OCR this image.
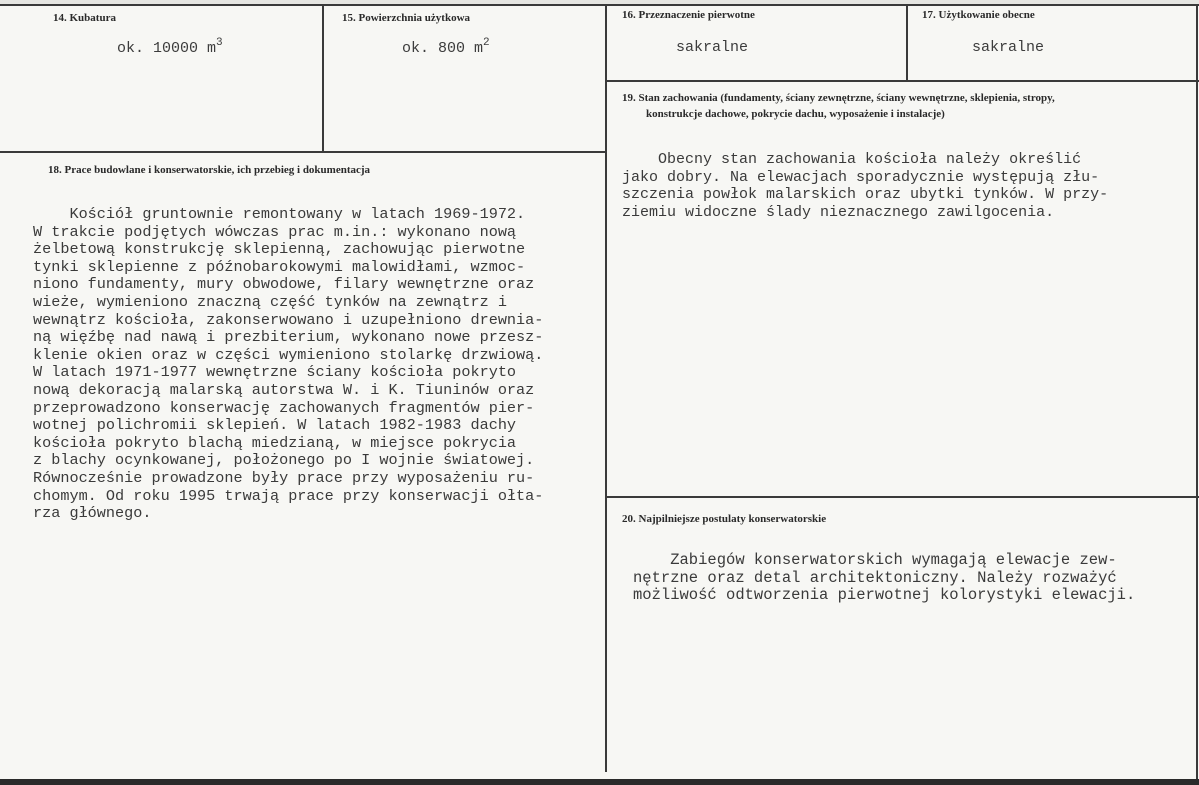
14. Kubatura
ok. 10000 $m^3$
15. Powierzchnia użytkowa
ok. 800 $m^2$
16. Przeznaczenie pierwotne
sakralne
17. Użytkowanie obecne
sakralne
19. Stan zachowania (fundamenty, ściany zewnętrzne, ściany wewnętrzne, sklepienia, stropy,
konstrukcje dachowe, pokrycie dachu, wyposażenie i instalacje)
Obecny stan zachowania kościoła należy określić
jako dobry. Na elewacjach sporadycznie występują złu-
szczenia powłok malarskich oraz ubytki tynków. W przy-
ziemiu widoczne ślady nieznacznego zawilgocenia.
18. Prace budowlane i konserwatorskie, ich przebieg i dokumentacja
Kościół gruntownie remontowany w latach 1969-1972.
W trakcie podjętych wówczas prac m.in.: wykonano nową
żelbetową konstrukcję sklepienną, zachowując pierwotne
tynki sklepienne z późnobarokowymi malowidłami, wzmoc-
niono fundamenty, mury obwodowe, filary wewnętrzne oraz
wieże, wymieniono znaczną część tynków na zewnątrz i
wewnątrz kościoła, zakonserwowano i uzupełniono drewnia-
ną więźbę nad nawą i prezbiterium, wykonano nowe przesz-
klenie okien oraz w części wymieniono stolarkę drzwiową.
W latach 1971-1977 wewnętrzne ściany kościoła pokryto
nową dekoracją malarską autorstwa W. i K. Tiuninów oraz
przeprowadzono konserwację zachowanych fragmentów pier-
wotnej polichromii sklepień. W latach 1982-1983 dachy
kościoła pokryto blachą miedzianą, w miejsce pokrycia
z blachy ocynkowanej, położonego po I wojnie światowej.
Równocześnie prowadzone były prace przy wyposażeniu ru-
chomym. Od roku 1995 trwają prace przy konserwacji ołta-
rza głównego.	20. Najpilniejsze postulaty konserwatorskie
Zabiegów konserwatorskich wymagają elewacje zew-
nętrzne oraz detal architektoniczny. Należy rozważyć
możliwość odtworzenia pierwotnej kolorystyki elewacji.
